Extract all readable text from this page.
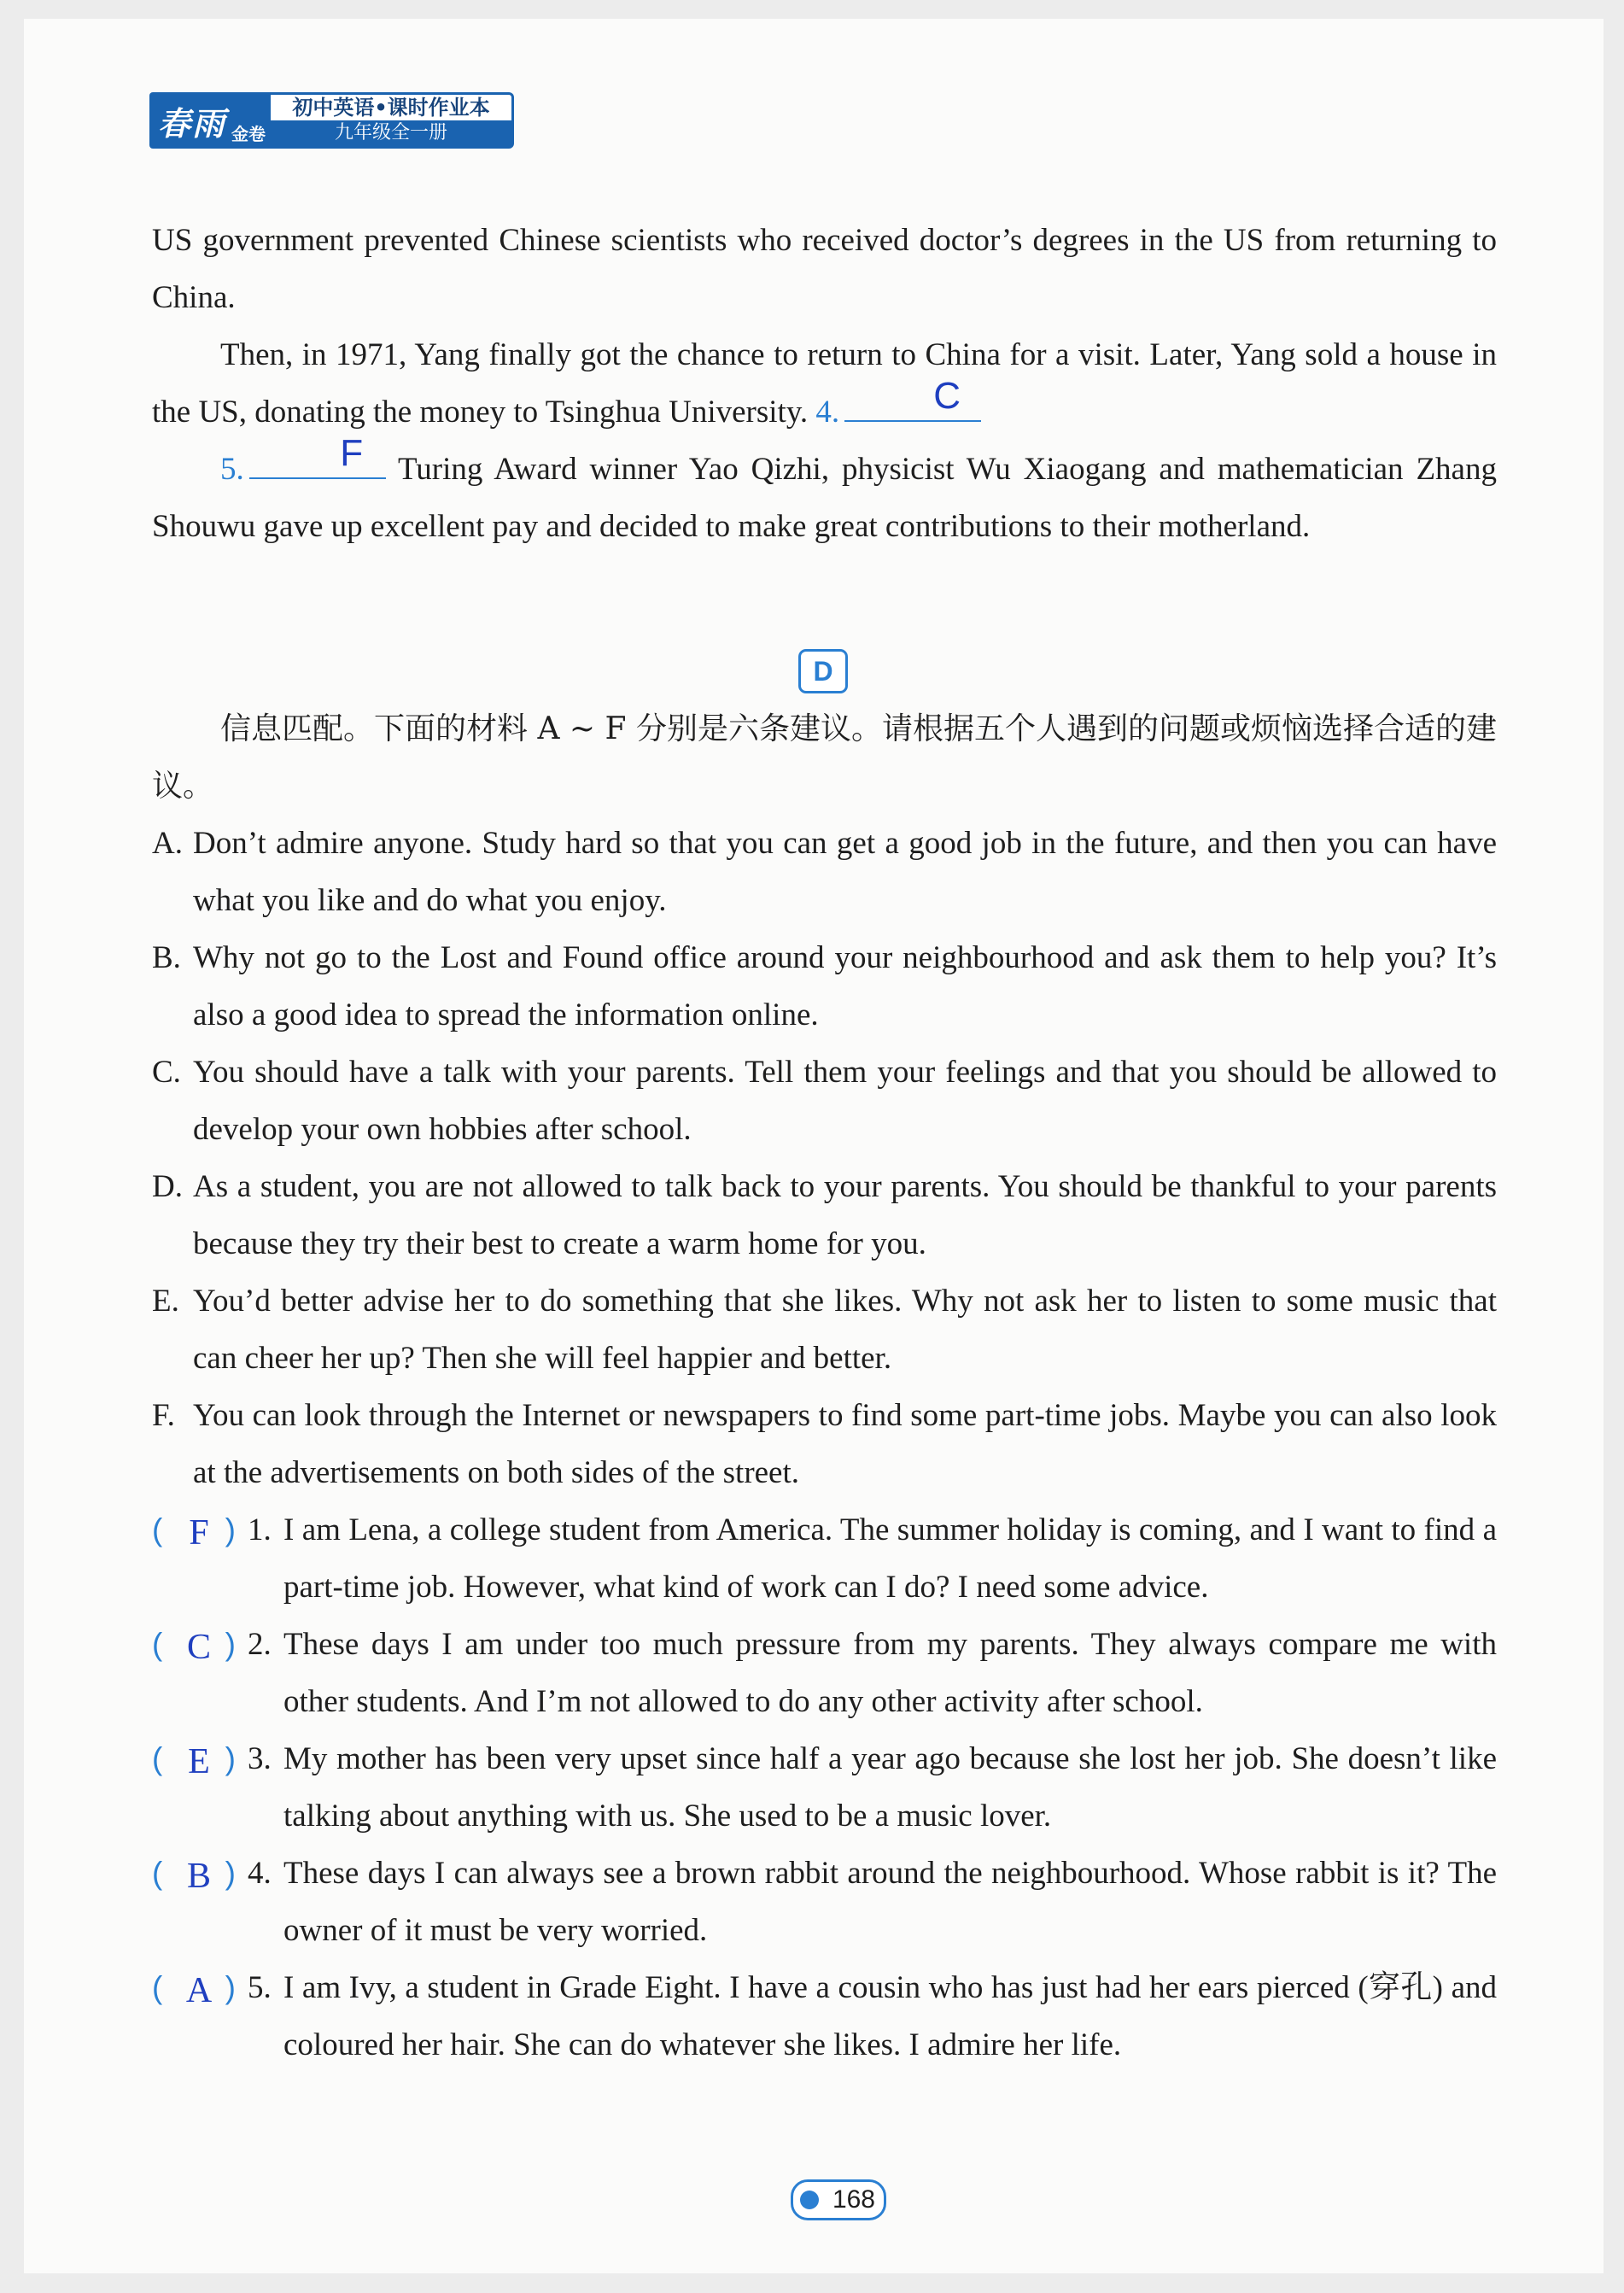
春雨 金卷
初中英语•课时作业本
九年级全一册

US government prevented Chinese scientists who received doctor’s degrees in the US from returning to China.

Then, in 1971, Yang finally got the chance to return to China for a visit. Later, Yang sold a house in the US, donating the money to Tsinghua University. 4.	C

5.	F	Turing Award winner Yao Qizhi, physicist Wu Xiaogang and mathematician Zhang Shouwu gave up excellent pay and decided to make great contributions to their motherland.

D

信息匹配。下面的材料 A ~ F 分别是六条建议。请根据五个人遇到的问题或烦恼选择合适的建议。

A. Don’t admire anyone. Study hard so that you can get a good job in the future, and then you can have what you like and do what you enjoy.
B. Why not go to the Lost and Found office around your neighbourhood and ask them to help you? It’s also a good idea to spread the information online.
C. You should have a talk with your parents. Tell them your feelings and that you should be allowed to develop your own hobbies after school.
D. As a student, you are not allowed to talk back to your parents. You should be thankful to your parents because they try their best to create a warm home for you.
E. You’d better advise her to do something that she likes. Why not ask her to listen to some music that can cheer her up? Then she will feel happier and better.
F. You can look through the Internet or newspapers to find some part-time jobs. Maybe you can also look at the advertisements on both sides of the street.
( )
F	1. I am Lena, a college student from America. The summer holiday is coming, and I want to find a part-time job. However, what kind of work can I do? I need some advice.
( )
C 2. These days I am under too much pressure from my parents. They always compare me with other students. And I’m not allowed to do any other activity after school.
( )
E	3. My mother has been very upset since half a year ago because she lost her job. She doesn’t like talking about anything with us. She used to be a music lover.
( )
B 4. These days I can always see a brown rabbit around the neighbourhood. Whose rabbit is it? The owner of it must be very worried.
( )
A 5. I am Ivy, a student in Grade Eight. I have a cousin who has just had her ears pierced (穿孔) and coloured her hair. She can do whatever she likes. I admire her life.
168
